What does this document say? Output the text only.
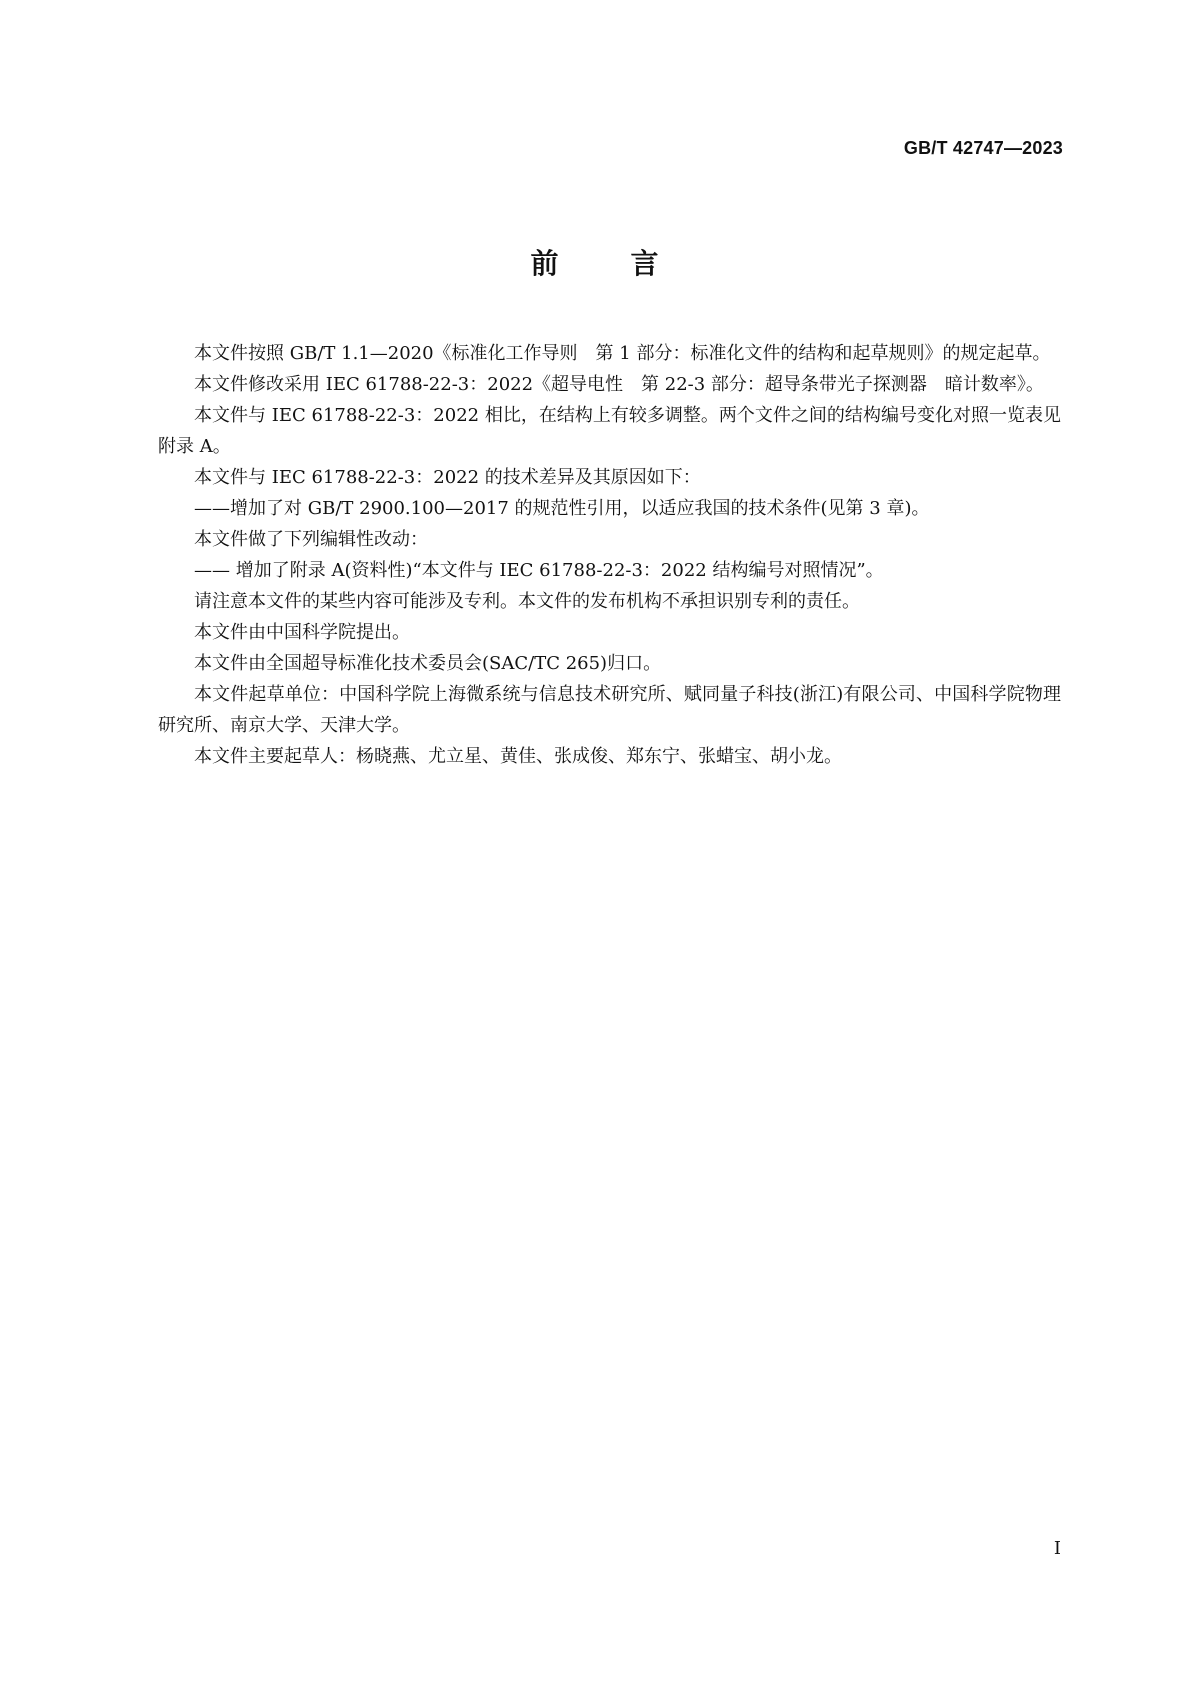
GB/T 42747—2023
前	言

本文件按照 GB/T 1.1—2020《标准化工作导则　第 1 部分：标准化文件的结构和起草规则》的规定起草。

本文件修改采用 IEC 61788-22-3：2022《超导电性　第 22-3 部分：超导条带光子探测器　暗计数率》。

本文件与 IEC 61788-22-3：2022 相比，在结构上有较多调整。两个文件之间的结构编号变化对照一览表见附录 A。

本文件与 IEC 61788-22-3：2022 的技术差异及其原因如下：

——增加了对 GB/T 2900.100—2017 的规范性引用，以适应我国的技术条件(见第 3 章)。

本文件做了下列编辑性改动：

—— 增加了附录 A(资料性)“本文件与 IEC 61788-22-3：2022 结构编号对照情况”。

请注意本文件的某些内容可能涉及专利。本文件的发布机构不承担识别专利的责任。

本文件由中国科学院提出。

本文件由全国超导标准化技术委员会(SAC/TC 265)归口。

本文件起草单位：中国科学院上海微系统与信息技术研究所、赋同量子科技(浙江)有限公司、中国科学院物理研究所、南京大学、天津大学。

本文件主要起草人：杨晓燕、尤立星、黄佳、张成俊、郑东宁、张蜡宝、胡小龙。

I
